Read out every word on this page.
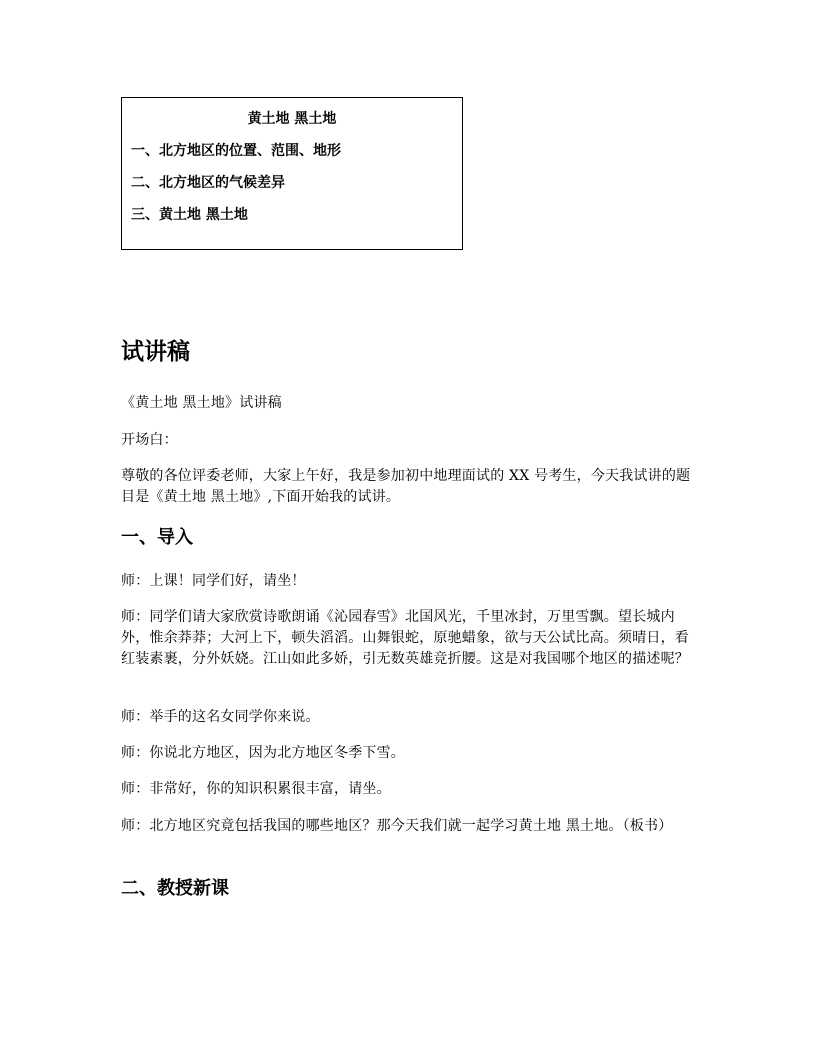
黄土地 黑土地
一、北方地区的位置、范围、地形
二、北方地区的气候差异
三、黄土地 黑土地
试讲稿
《黄土地 黑土地》试讲稿
开场白：
尊敬的各位评委老师，大家上午好，我是参加初中地理面试的 XX 号考生，今天我试讲的题目是《黄土地 黑土地》,下面开始我的试讲。
一、导入
师：上课！同学们好，请坐！
师：同学们请大家欣赏诗歌朗诵《沁园春雪》北国风光，千里冰封，万里雪飘。望长城内外，惟余莽莽；大河上下，顿失滔滔。山舞银蛇，原驰蜡象，欲与天公试比高。须晴日，看红装素裹，分外妖娆。江山如此多娇，引无数英雄竞折腰。这是对我国哪个地区的描述呢？
师：举手的这名女同学你来说。
师：你说北方地区，因为北方地区冬季下雪。
师：非常好，你的知识积累很丰富，请坐。
师：北方地区究竟包括我国的哪些地区？那今天我们就一起学习黄土地 黑土地。（板书）
二、教授新课
